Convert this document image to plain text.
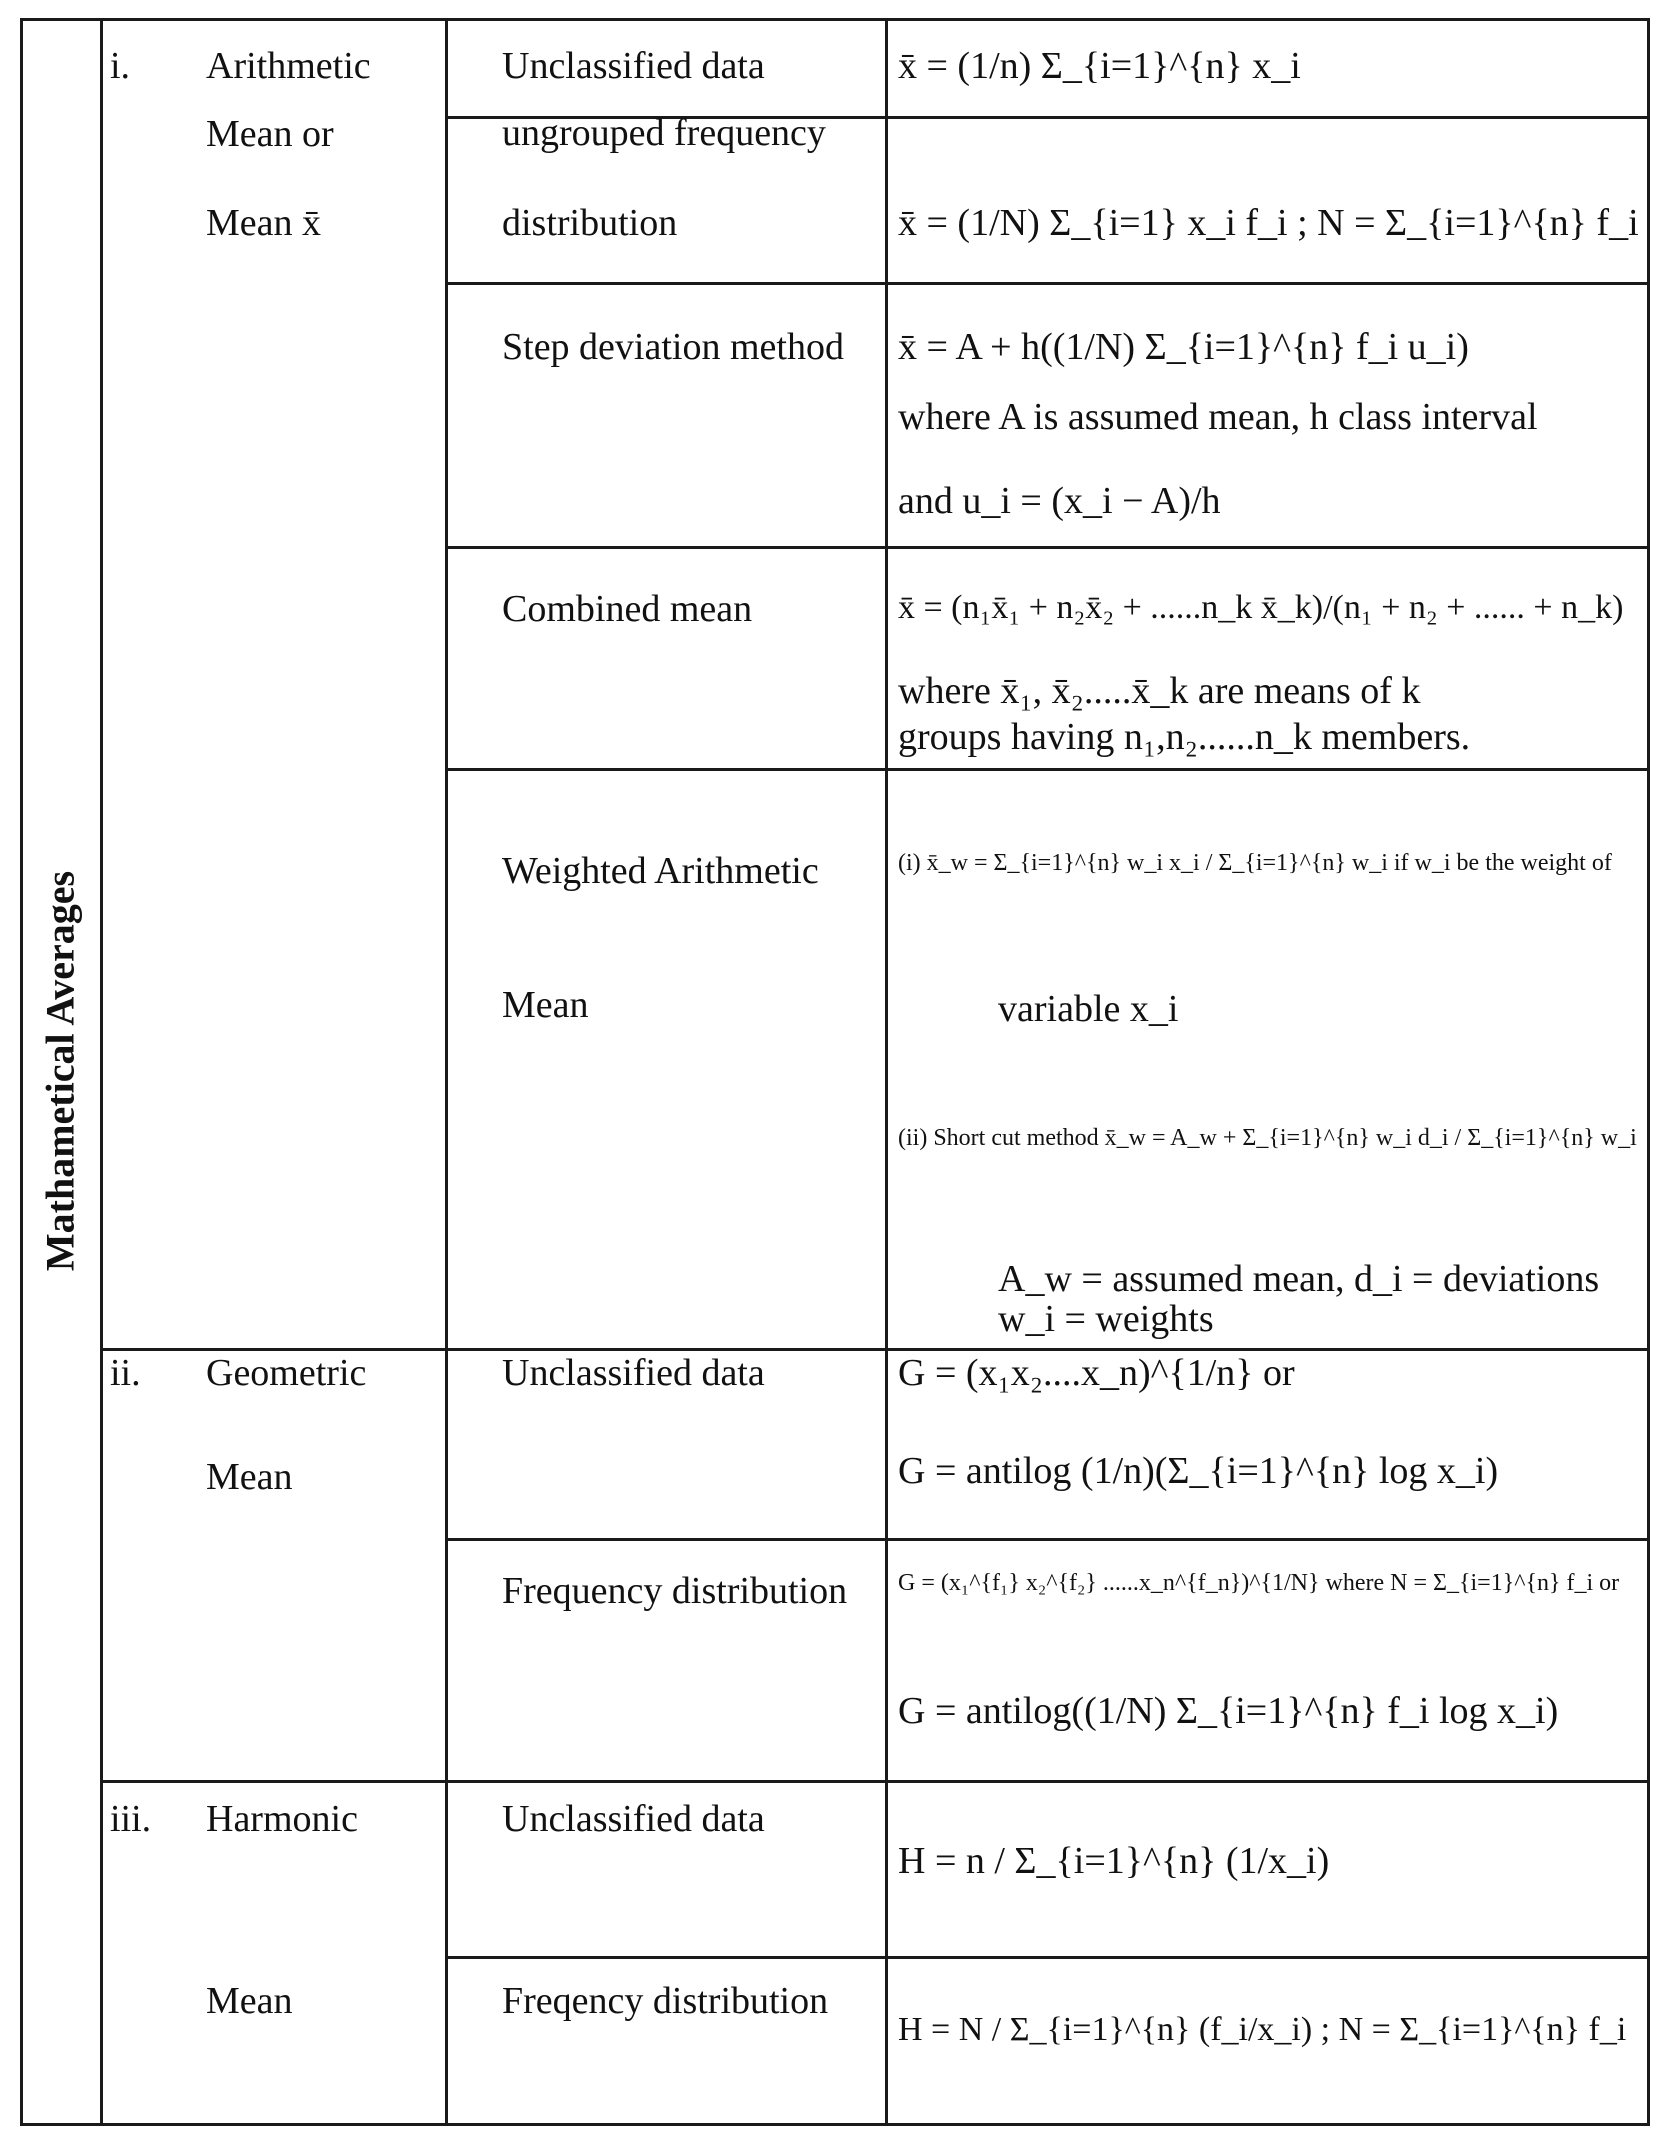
Mathametical Averages
i. Arithmetic
Mean or
Mean x̄
Unclassified data
ungrouped frequency
distribution
Step deviation method
Combined mean
Weighted Arithmetic
Mean
x̄ = (1/n) Σ_{i=1}^{n} x_i
x̄ = (1/N) Σ_{i=1} x_i f_i ; N = Σ_{i=1}^{n} f_i
x̄ = A + h((1/N) Σ_{i=1}^{n} f_i u_i)
where A is assumed mean, h class interval
and u_i = (x_i − A)/h
x̄ = (n₁x̄₁ + n₂x̄₂ + ......n_k x̄_k)/(n₁ + n₂ + ...... + n_k)
where x̄₁, x̄₂.....x̄_k are means of k
groups having n₁,n₂......n_k members.
(i) x̄_w = Σ_{i=1}^{n} w_i x_i / Σ_{i=1}^{n} w_i if w_i be the weight of
variable x_i
(ii) Short cut method x̄_w = A_w + Σ_{i=1}^{n} w_i d_i / Σ_{i=1}^{n} w_i
A_w = assumed mean, d_i = deviations
w_i = weights
ii. Geometric
Mean
Unclassified data
Frequency distribution
G = (x₁x₂....x_n)^{1/n} or
G = antilog (1/n)(Σ_{i=1}^{n} log x_i)
G = (x₁^{f₁} x₂^{f₂} ......x_n^{f_n})^{1/N} where N = Σ_{i=1}^{n} f_i or
G = antilog((1/N) Σ_{i=1}^{n} f_i log x_i)
iii. Harmonic
Mean
Unclassified data
Freqency distribution
H = n / Σ_{i=1}^{n} (1/x_i)
H = N / Σ_{i=1}^{n} (f_i/x_i) ; N = Σ_{i=1}^{n} f_i
